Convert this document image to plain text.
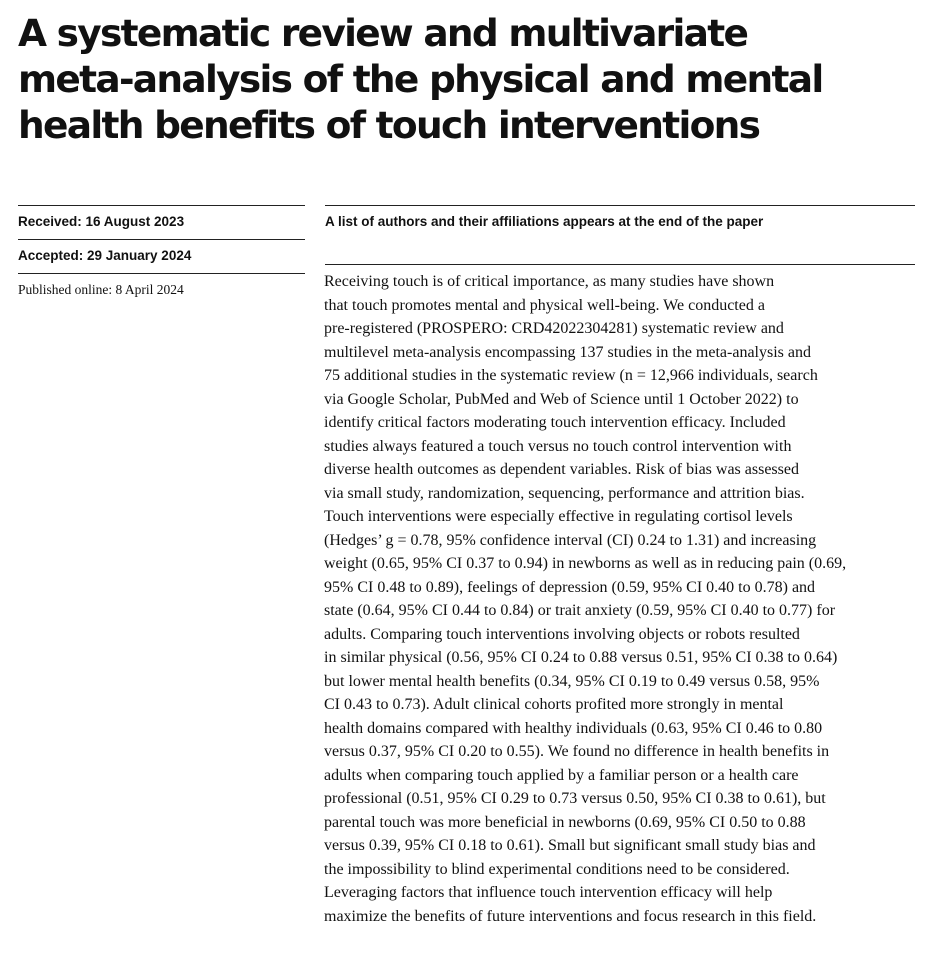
A systematic review and multivariate
meta-analysis of the physical and mental
health benefits of touch interventions
Received: 16 August 2023
Accepted: 29 January 2024
Published online: 8 April 2024
A list of authors and their affiliations appears at the end of the paper
Receiving touch is of critical importance, as many studies have shown
that touch promotes mental and physical well-being. We conducted a
pre-registered (PROSPERO: CRD42022304281) systematic review and
multilevel meta-analysis encompassing 137 studies in the meta-analysis and
75 additional studies in the systematic review (n = 12,966 individuals, search
via Google Scholar, PubMed and Web of Science until 1 October 2022) to
identify critical factors moderating touch intervention efficacy. Included
studies always featured a touch versus no touch control intervention with
diverse health outcomes as dependent variables. Risk of bias was assessed
via small study, randomization, sequencing, performance and attrition bias.
Touch interventions were especially effective in regulating cortisol levels
(Hedges’ g = 0.78, 95% confidence interval (CI) 0.24 to 1.31) and increasing
weight (0.65, 95% CI 0.37 to 0.94) in newborns as well as in reducing pain (0.69,
95% CI 0.48 to 0.89), feelings of depression (0.59, 95% CI 0.40 to 0.78) and
state (0.64, 95% CI 0.44 to 0.84) or trait anxiety (0.59, 95% CI 0.40 to 0.77) for
adults. Comparing touch interventions involving objects or robots resulted
in similar physical (0.56, 95% CI 0.24 to 0.88 versus 0.51, 95% CI 0.38 to 0.64)
but lower mental health benefits (0.34, 95% CI 0.19 to 0.49 versus 0.58, 95%
CI 0.43 to 0.73). Adult clinical cohorts profited more strongly in mental
health domains compared with healthy individuals (0.63, 95% CI 0.46 to 0.80
versus 0.37, 95% CI 0.20 to 0.55). We found no difference in health benefits in
adults when comparing touch applied by a familiar person or a health care
professional (0.51, 95% CI 0.29 to 0.73 versus 0.50, 95% CI 0.38 to 0.61), but
parental touch was more beneficial in newborns (0.69, 95% CI 0.50 to 0.88
versus 0.39, 95% CI 0.18 to 0.61). Small but significant small study bias and
the impossibility to blind experimental conditions need to be considered.
Leveraging factors that influence touch intervention efficacy will help
maximize the benefits of future interventions and focus research in this field.
